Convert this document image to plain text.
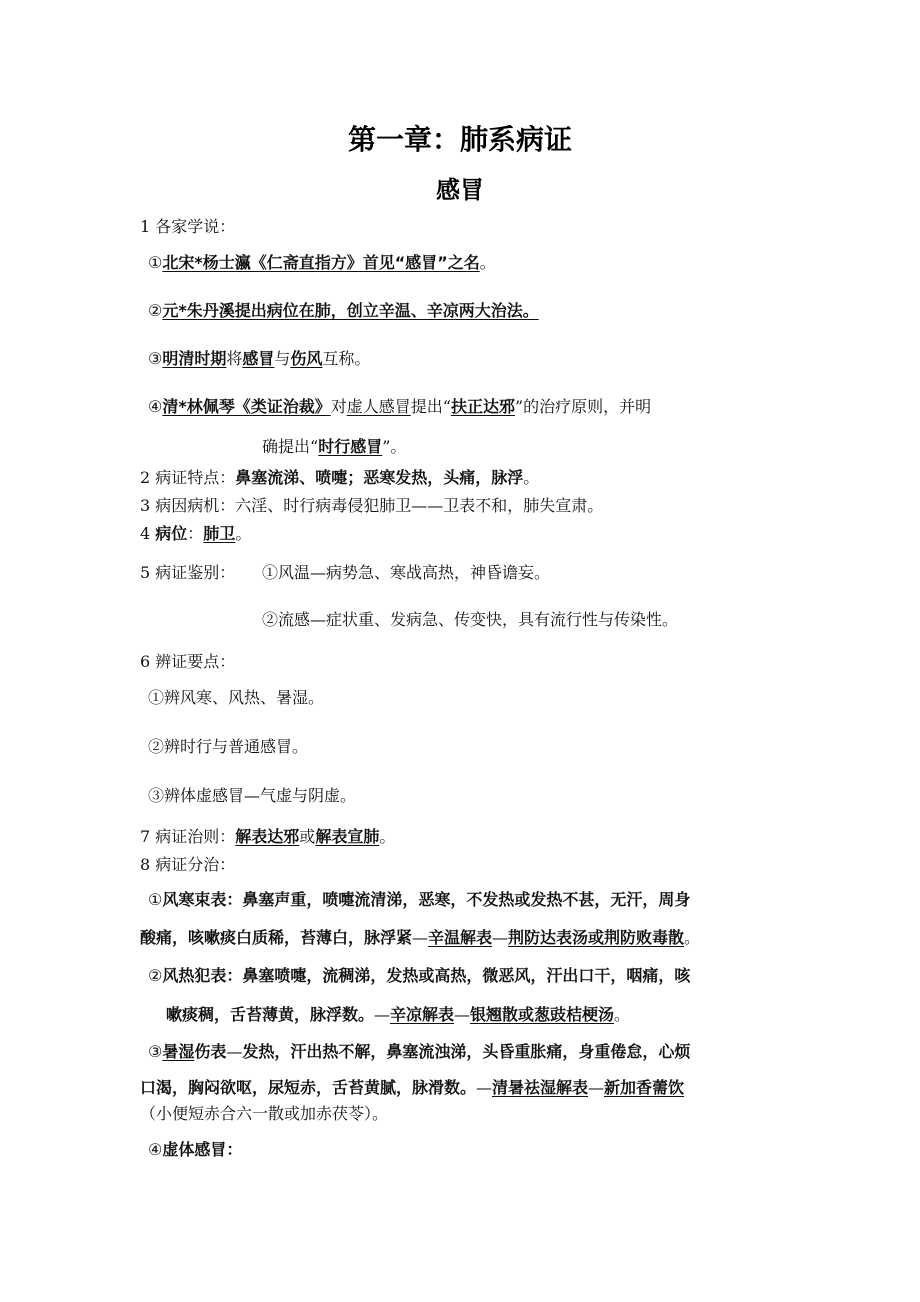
第一章：肺系病证
感冒
1 各家学说：
①北宋*杨士瀛《仁斋直指方》首见“感冒”之名。
②元*朱丹溪提出病位在肺，创立辛温、辛凉两大治法。
③明清时期将感冒与伤风互称。
④清*林佩琴《类证治裁》对虚人感冒提出“扶正达邪”的治疗原则，并明
确提出“时行感冒”。
2 病证特点：鼻塞流涕、喷嚏；恶寒发热，头痛，脉浮。
3 病因病机：六淫、时行病毒侵犯肺卫——卫表不和，肺失宣肃。
4 病位：肺卫。
5 病证鉴别： ①风温—病势急、寒战高热，神昏谵妄。
②流感—症状重、发病急、传变快，具有流行性与传染性。
6 辨证要点：
①辨风寒、风热、暑湿。
②辨时行与普通感冒。
③辨体虚感冒—气虚与阴虚。
7 病证治则：解表达邪或解表宣肺。
8 病证分治：
①风寒束表：鼻塞声重，喷嚏流清涕，恶寒，不发热或发热不甚，无汗，周身
酸痛，咳嗽痰白质稀，苔薄白，脉浮紧—辛温解表—荆防达表汤或荆防败毒散。
②风热犯表：鼻塞喷嚏，流稠涕，发热或高热，微恶风，汗出口干，咽痛，咳
嗽痰稠，舌苔薄黄，脉浮数。—辛凉解表—银翘散或葱豉桔梗汤。
③暑湿伤表—发热，汗出热不解，鼻塞流浊涕，头昏重胀痛，身重倦怠，心烦
口渴，胸闷欲呕，尿短赤，舌苔黄腻，脉滑数。—清暑祛湿解表—新加香薷饮
（小便短赤合六一散或加赤茯苓）。
④虚体感冒：
